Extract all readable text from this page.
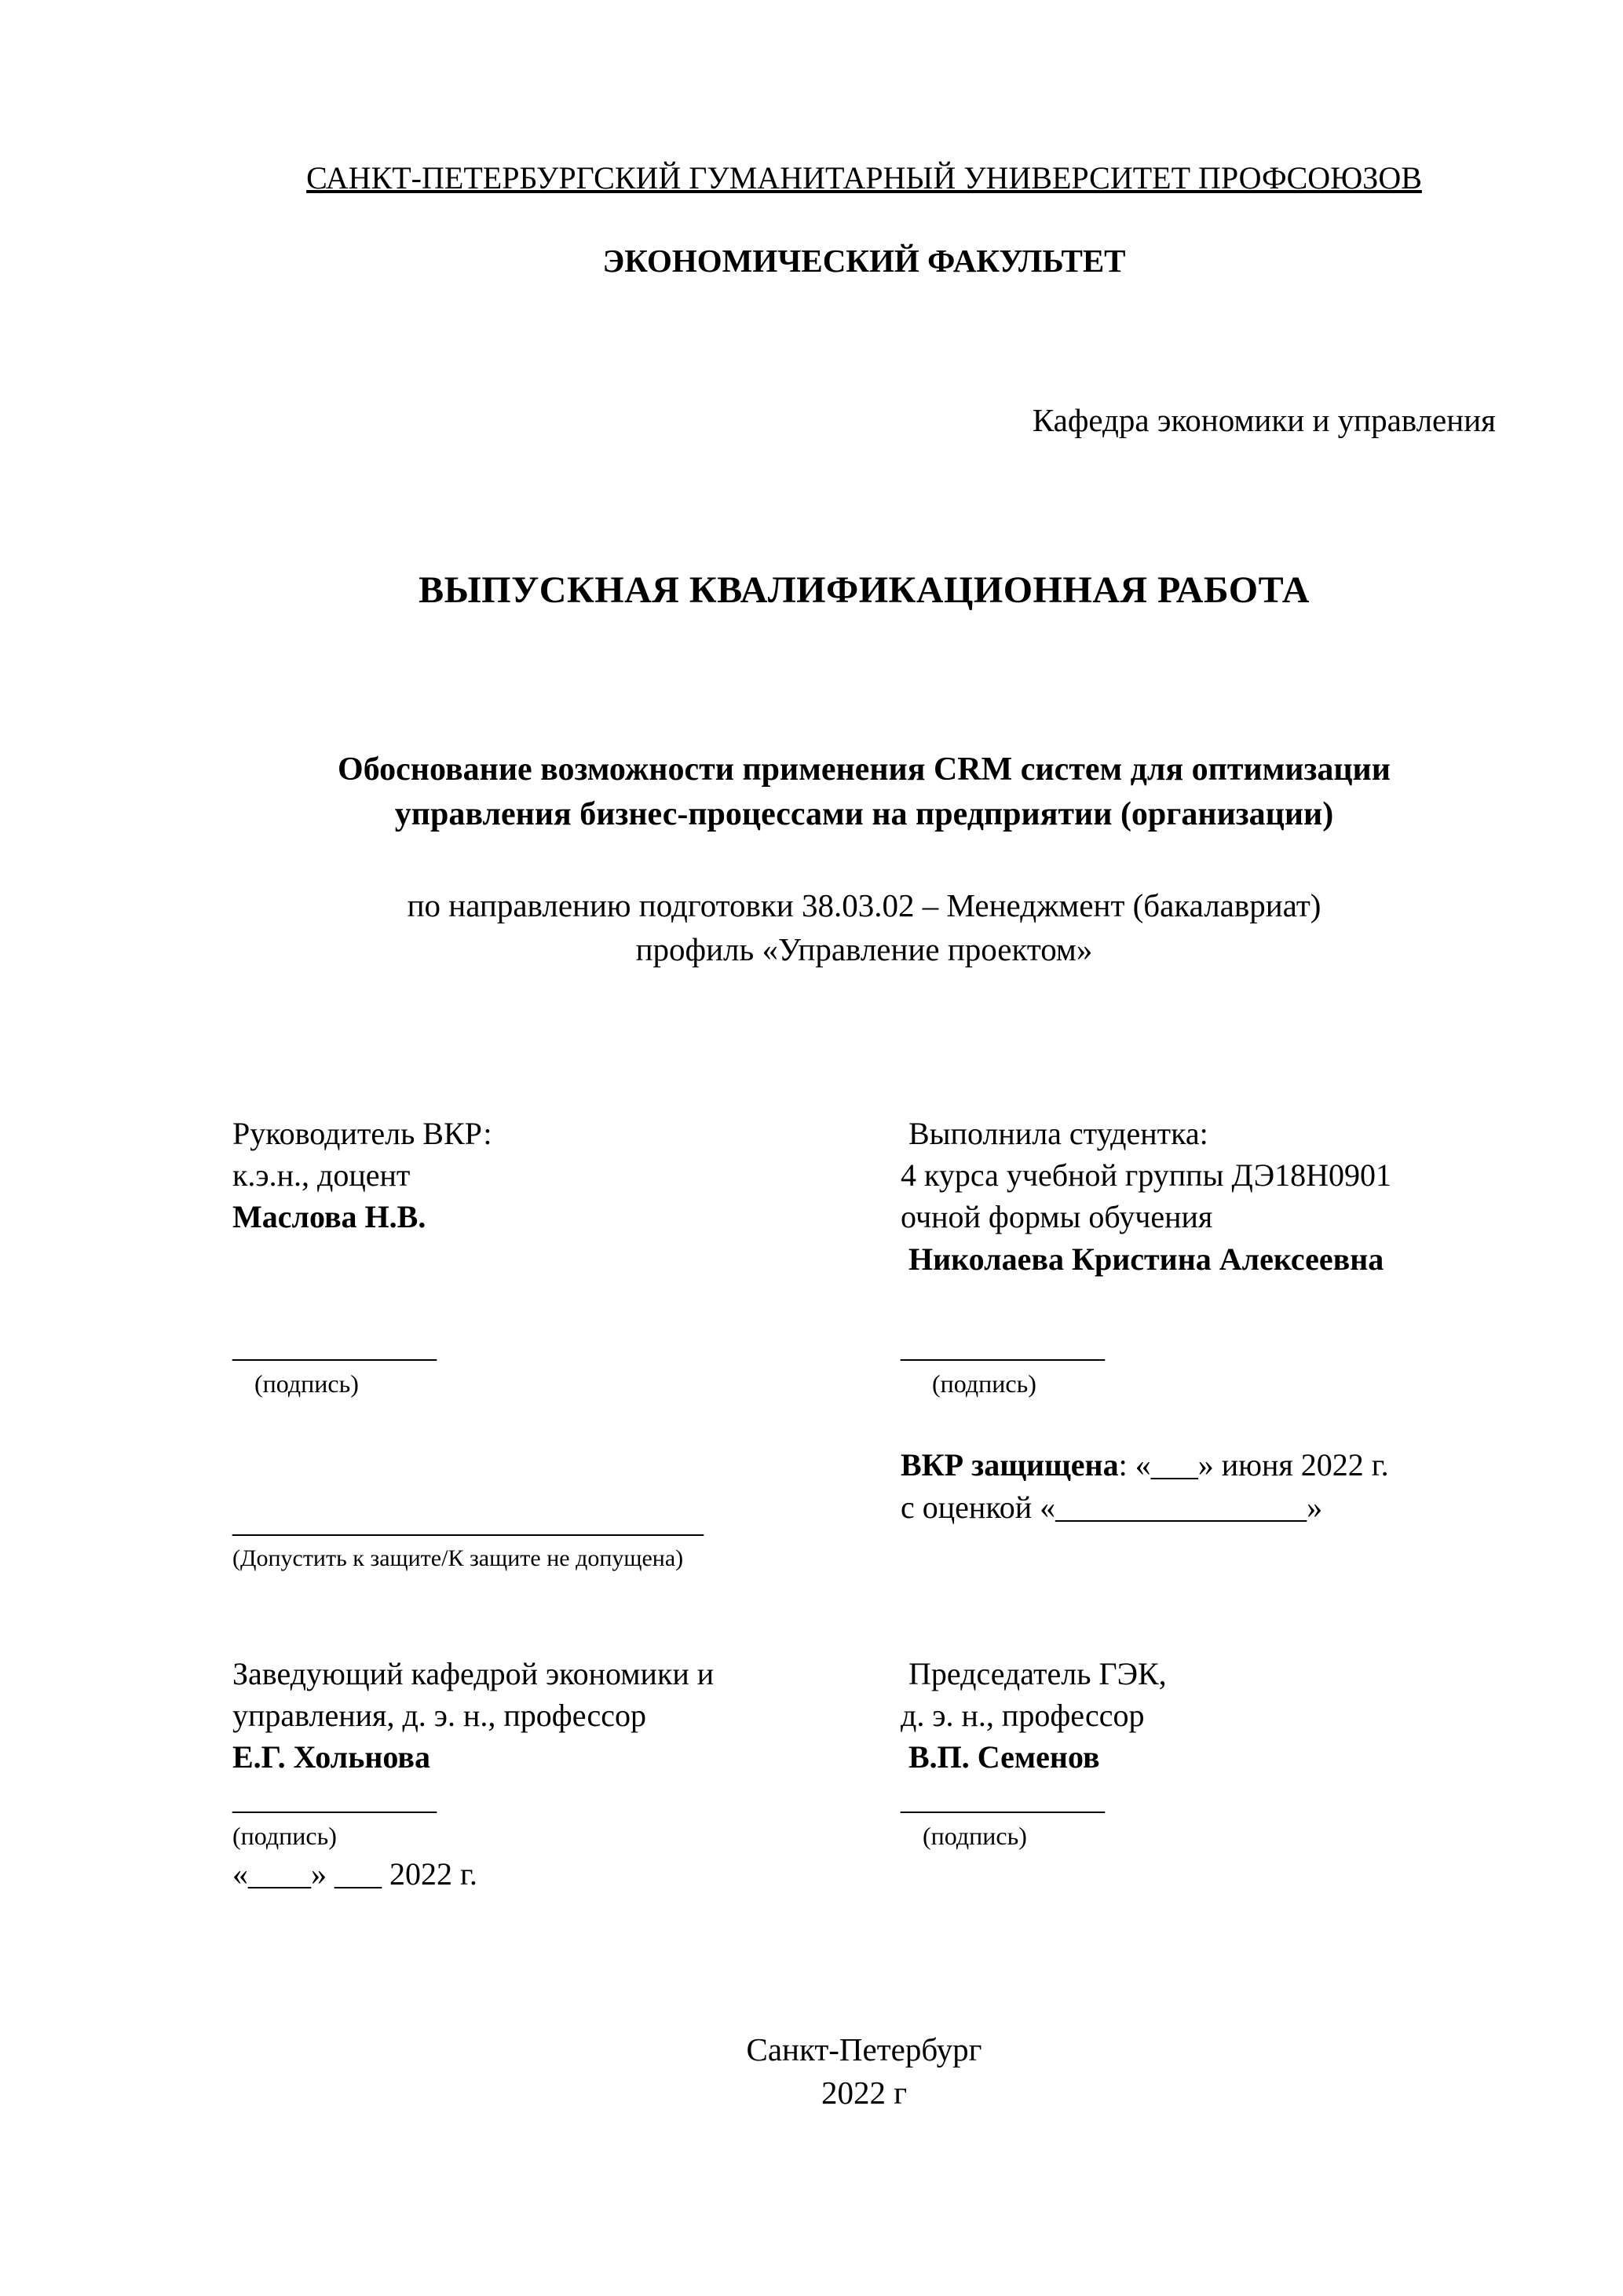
САНКТ-ПЕТЕРБУРГСКИЙ ГУМАНИТАРНЫЙ УНИВЕРСИТЕТ ПРОФСОЮЗОВ
ЭКОНОМИЧЕСКИЙ ФАКУЛЬТЕТ
Кафедра экономики и управления
ВЫПУСКНАЯ КВАЛИФИКАЦИОННАЯ РАБОТА
Обоснование возможности применения CRM систем для оптимизации
управления бизнес-процессами на предприятии (организации)
по направлению подготовки 38.03.02 – Менеджмент (бакалавриат)
профиль «Управление проектом»
Руководитель ВКР:
к.э.н., доцент
Маслова Н.В.
Выполнила студентка:
4 курса учебной группы ДЭ18Н0901
очной формы обучения
Николаева Кристина Алексеевна
_____________
(подпись)
_____________
(подпись)
______________________________
(Допустить к защите/К защите не допущена)
ВКР защищена: «___» июня 2022 г.
с оценкой «________________»
Заведующий кафедрой экономики и
управления, д. э. н., профессор
Е.Г. Хольнова
_____________
(подпись)
«____» ___ 2022 г.
Председатель ГЭК,
д. э. н., профессор
В.П. Семенов
_____________
(подпись)
Санкт-Петербург
2022 г
